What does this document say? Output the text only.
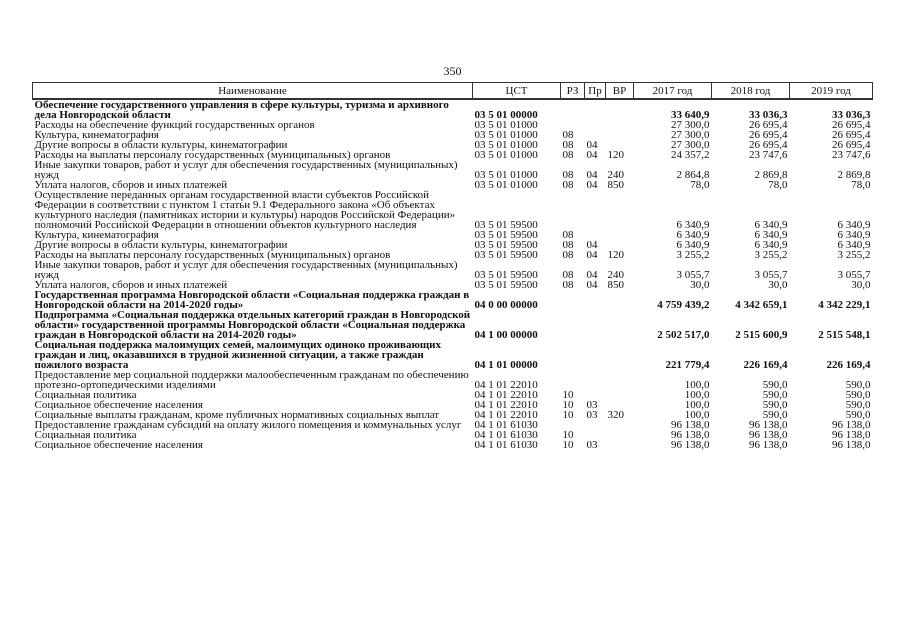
350
Наименование	ЦСТ	РЗ	Пр	ВР	2017 год	2018 год	2019 год
Обеспечение государственного управления в сфере культуры, туризма и архивного дела Новгородской области	03 5 01 00000				33 640,9	33 036,3	33 036,3
Расходы на обеспечение функций государственных органов	03 5 01 01000				27 300,0	26 695,4	26 695,4
Культура, кинематография	03 5 01 01000	08			27 300,0	26 695,4	26 695,4
Другие вопросы в области культуры, кинематографии	03 5 01 01000	08	04		27 300,0	26 695,4	26 695,4
Расходы на выплаты персоналу государственных (муниципальных) органов	03 5 01 01000	08	04	120	24 357,2	23 747,6	23 747,6
Иные закупки товаров, работ и услуг для обеспечения государственных (муниципальных) нужд	03 5 01 01000	08	04	240	2 864,8	2 869,8	2 869,8
Уплата налогов, сборов и иных платежей	03 5 01 01000	08	04	850	78,0	78,0	78,0
Осуществление переданных органам государственной власти субъектов Российской Федерации в соответствии с пунктом 1 статьи 9.1 Федерального закона «Об объектах культурного наследия (памятниках истории и культуры) народов Российской Федерации» полномочий Российской Федерации в отношении объектов культурного наследия	03 5 01 59500				6 340,9	6 340,9	6 340,9
Культура, кинематография	03 5 01 59500	08			6 340,9	6 340,9	6 340,9
Другие вопросы в области культуры, кинематографии	03 5 01 59500	08	04		6 340,9	6 340,9	6 340,9
Расходы на выплаты персоналу государственных (муниципальных) органов	03 5 01 59500	08	04	120	3 255,2	3 255,2	3 255,2
Иные закупки товаров, работ и услуг для обеспечения государственных (муниципальных) нужд	03 5 01 59500	08	04	240	3 055,7	3 055,7	3 055,7
Уплата налогов, сборов и иных платежей	03 5 01 59500	08	04	850	30,0	30,0	30,0
Государственная программа Новгородской области «Социальная поддержка граждан в Новгородской области на 2014-2020 годы»	04 0 00 00000				4 759 439,2	4 342 659,1	4 342 229,1
Подпрограмма «Социальная поддержка отдельных категорий граждан в Новгородской области» государственной программы Новгородской области «Социальная поддержка граждан в Новгородской области на 2014-2020 годы»	04 1 00 00000				2 502 517,0	2 515 600,9	2 515 548,1
Социальная поддержка малоимущих семей, малоимущих одиноко проживающих граждан и лиц, оказавшихся в трудной жизненной ситуации, а также граждан пожилого возраста	04 1 01 00000				221 779,4	226 169,4	226 169,4
Предоставление мер социальной поддержки малообеспеченным гражданам по обеспечению протезно-ортопедическими изделиями	04 1 01 22010				100,0	590,0	590,0
Социальная политика	04 1 01 22010	10			100,0	590,0	590,0
Социальное обеспечение населения	04 1 01 22010	10	03		100,0	590,0	590,0
Социальные выплаты гражданам, кроме публичных нормативных социальных выплат	04 1 01 22010	10	03	320	100,0	590,0	590,0
Предоставление гражданам субсидий на оплату жилого помещения и коммунальных услуг	04 1 01 61030				96 138,0	96 138,0	96 138,0
Социальная политика	04 1 01 61030	10			96 138,0	96 138,0	96 138,0
Социальное обеспечение населения	04 1 01 61030	10	03		96 138,0	96 138,0	96 138,0
